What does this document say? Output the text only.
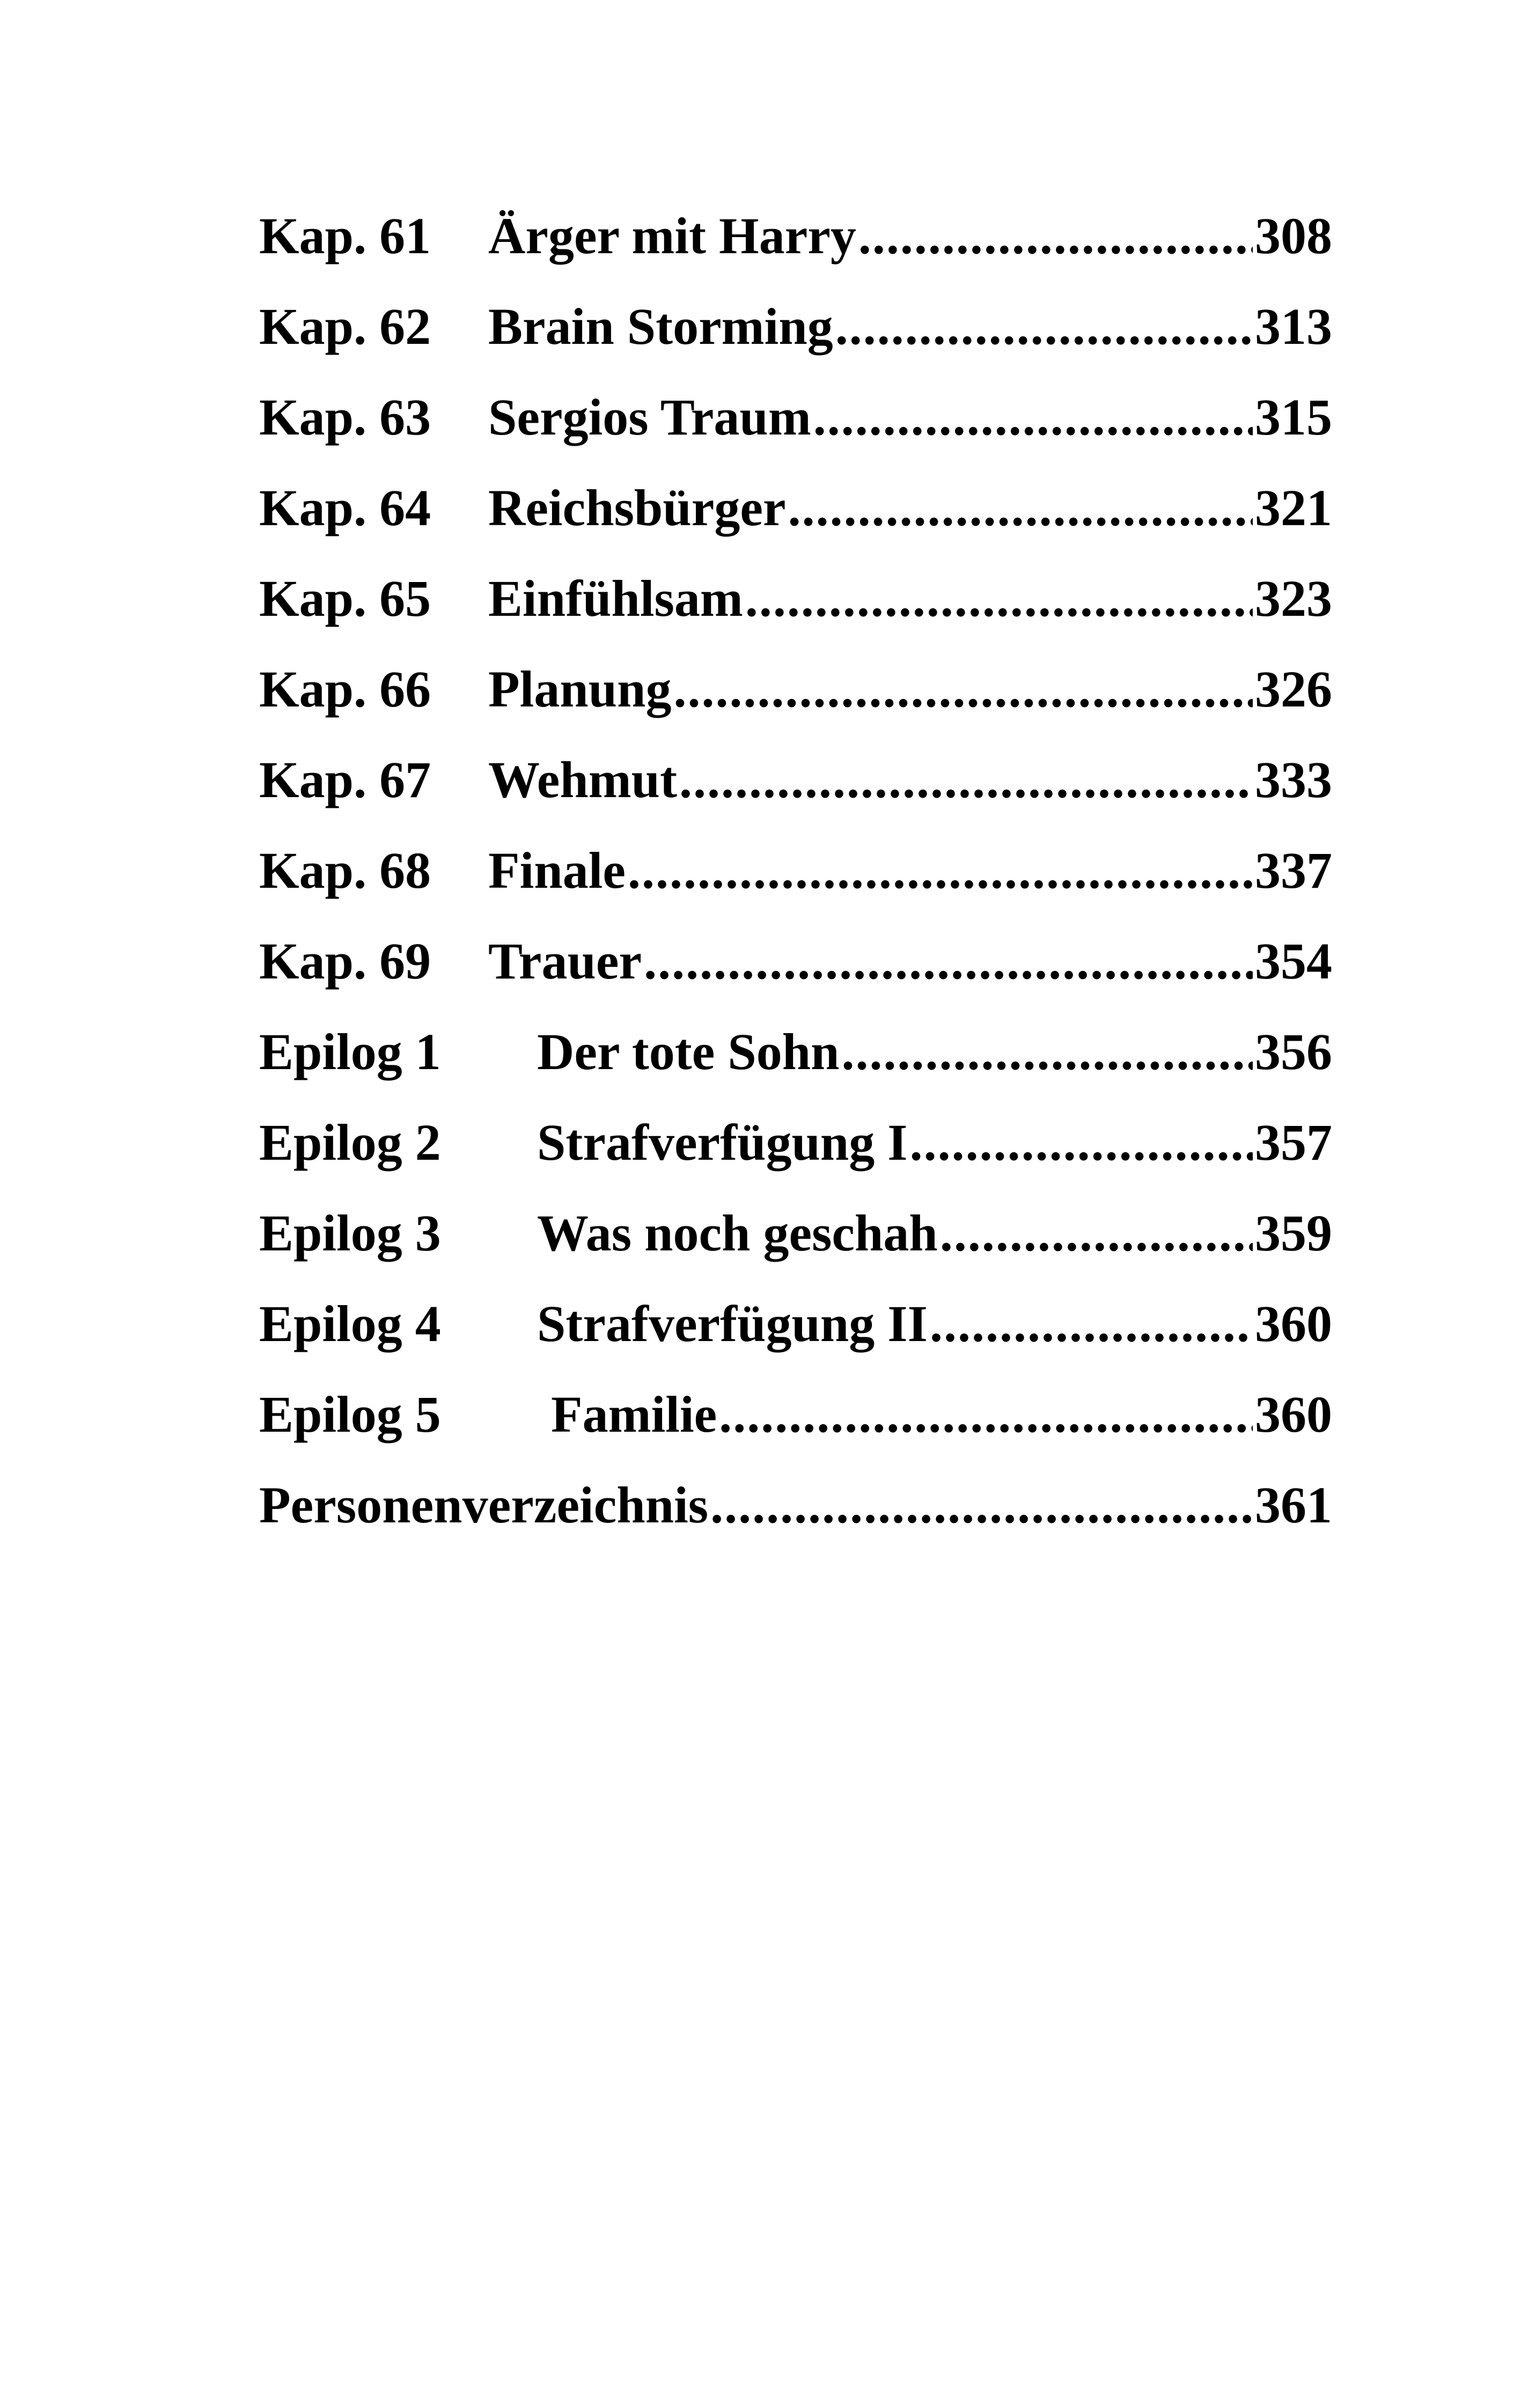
Kap. 61	Ärger mit Harry .....	308
Kap. 62	Brain Storming .....	313
Kap. 63	Sergios Traum .....	315
Kap. 64	Reichsbürger .....	321
Kap. 65	Einfühlsam .....	323
Kap. 66	Planung .....	326
Kap. 67	Wehmut .....	333
Kap. 68	Finale .....	337
Kap. 69	Trauer .....	354
Epilog 1	Der tote Sohn .....	356
Epilog 2	Strafverfügung I .....	357
Epilog 3	Was noch geschah .....	359
Epilog 4	Strafverfügung II .....	360
Epilog 5	Familie .....	360
Personenverzeichnis .....	361
